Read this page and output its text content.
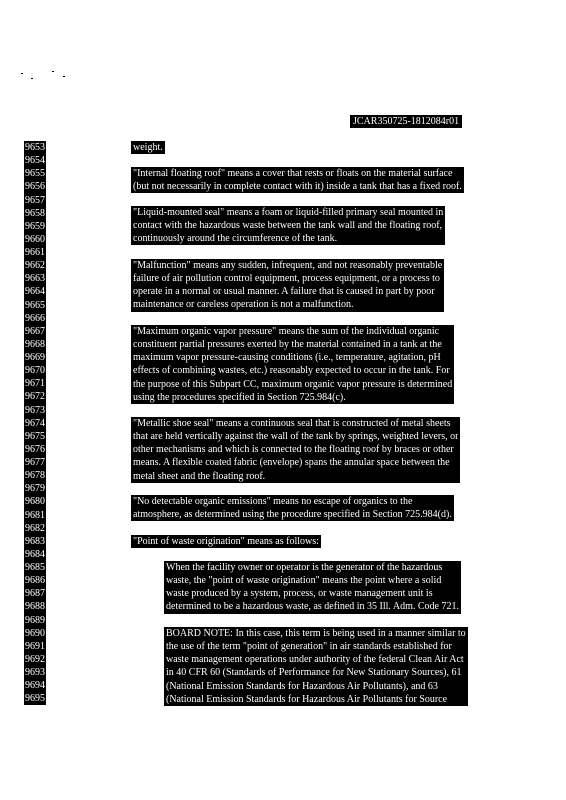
JCAR350725-1812084r01
9653
9654
9655
9656
9657
9658
9659
9660
9661
9662
9663
9664
9665
9666
9667
9668
9669
9670
9671
9672
9673
9674
9675
9676
9677
9678
9679
9680
9681
9682
9683
9684
9685
9686
9687
9688
9689
9690
9691
9692
9693
9694
9695
weight.
"Internal floating roof" means a cover that rests or floats on the material surface
(but not necessarily in complete contact with it) inside a tank that has a fixed roof.
"Liquid-mounted seal" means a foam or liquid-filled primary seal mounted in
contact with the hazardous waste between the tank wall and the floating roof,
continuously around the circumference of the tank.
"Malfunction" means any sudden, infrequent, and not reasonably preventable
failure of air pollution control equipment, process equipment, or a process to
operate in a normal or usual manner. A failure that is caused in part by poor
maintenance or careless operation is not a malfunction.
"Maximum organic vapor pressure" means the sum of the individual organic
constituent partial pressures exerted by the material contained in a tank at the
maximum vapor pressure-causing conditions (i.e., temperature, agitation, pH
effects of combining wastes, etc.) reasonably expected to occur in the tank. For
the purpose of this Subpart CC, maximum organic vapor pressure is determined
using the procedures specified in Section 725.984(c).
"Metallic shoe seal" means a continuous seal that is constructed of metal sheets
that are held vertically against the wall of the tank by springs, weighted levers, or
other mechanisms and which is connected to the floating roof by braces or other
means. A flexible coated fabric (envelope) spans the annular space between the
metal sheet and the floating roof.
"No detectable organic emissions" means no escape of organics to the
atmosphere, as determined using the procedure specified in Section 725.984(d).
"Point of waste origination" means as follows:
When the facility owner or operator is the generator of the hazardous
waste, the "point of waste origination" means the point where a solid
waste produced by a system, process, or waste management unit is
determined to be a hazardous waste, as defined in 35 Ill. Adm. Code 721.
BOARD NOTE: In this case, this term is being used in a manner similar to
the use of the term "point of generation" in air standards established for
waste management operations under authority of the federal Clean Air Act
in 40 CFR 60 (Standards of Performance for New Stationary Sources), 61
(National Emission Standards for Hazardous Air Pollutants), and 63
(National Emission Standards for Hazardous Air Pollutants for Source
